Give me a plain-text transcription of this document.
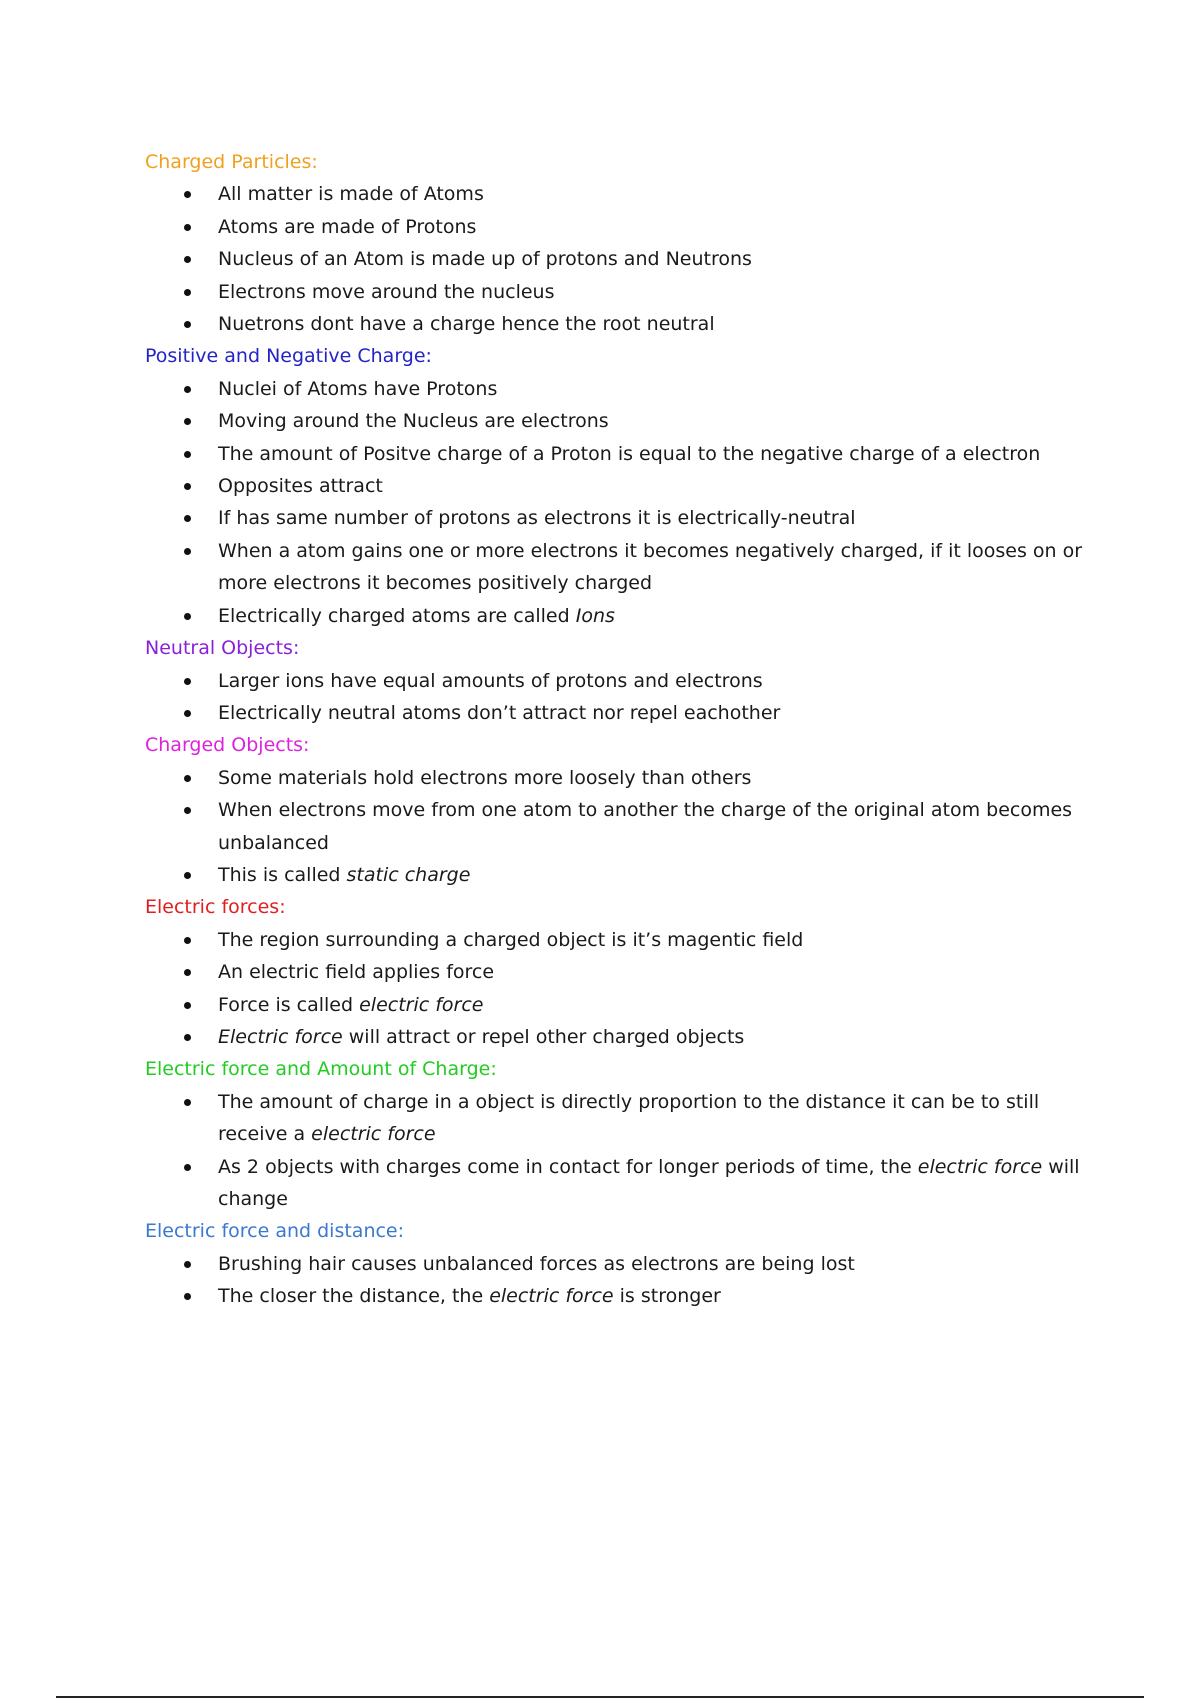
Charged Particles:
All matter is made of Atoms
Atoms are made of Protons
Nucleus of an Atom is made up of protons and Neutrons
Electrons move around the nucleus
Nuetrons dont have a charge hence the root neutral
Positive and Negative Charge:
Nuclei of Atoms have Protons
Moving around the Nucleus are electrons
The amount of Positve charge of a Proton is equal to the negative charge of a electron
Opposites attract
If has same number of protons as electrons it is electrically-neutral
When a atom gains one or more electrons it becomes negatively charged, if it looses on or more electrons it becomes positively charged
Electrically charged atoms are called Ions
Neutral Objects:
Larger ions have equal amounts of protons and electrons
Electrically neutral atoms don’t attract nor repel eachother
Charged Objects:
Some materials hold electrons more loosely than others
When electrons move from one atom to another the charge of the original atom becomes unbalanced
This is called static charge
Electric forces:
The region surrounding a charged object is it’s magentic field
An electric field applies force
Force is called electric force
Electric force will attract or repel other charged objects
Electric force and Amount of Charge:
The amount of charge in a object is directly proportion to the distance it can be to still receive a electric force
As 2 objects with charges come in contact for longer periods of time, the electric force will change
Electric force and distance:
Brushing hair causes unbalanced forces as electrons are being lost
The closer the distance, the electric force is stronger
